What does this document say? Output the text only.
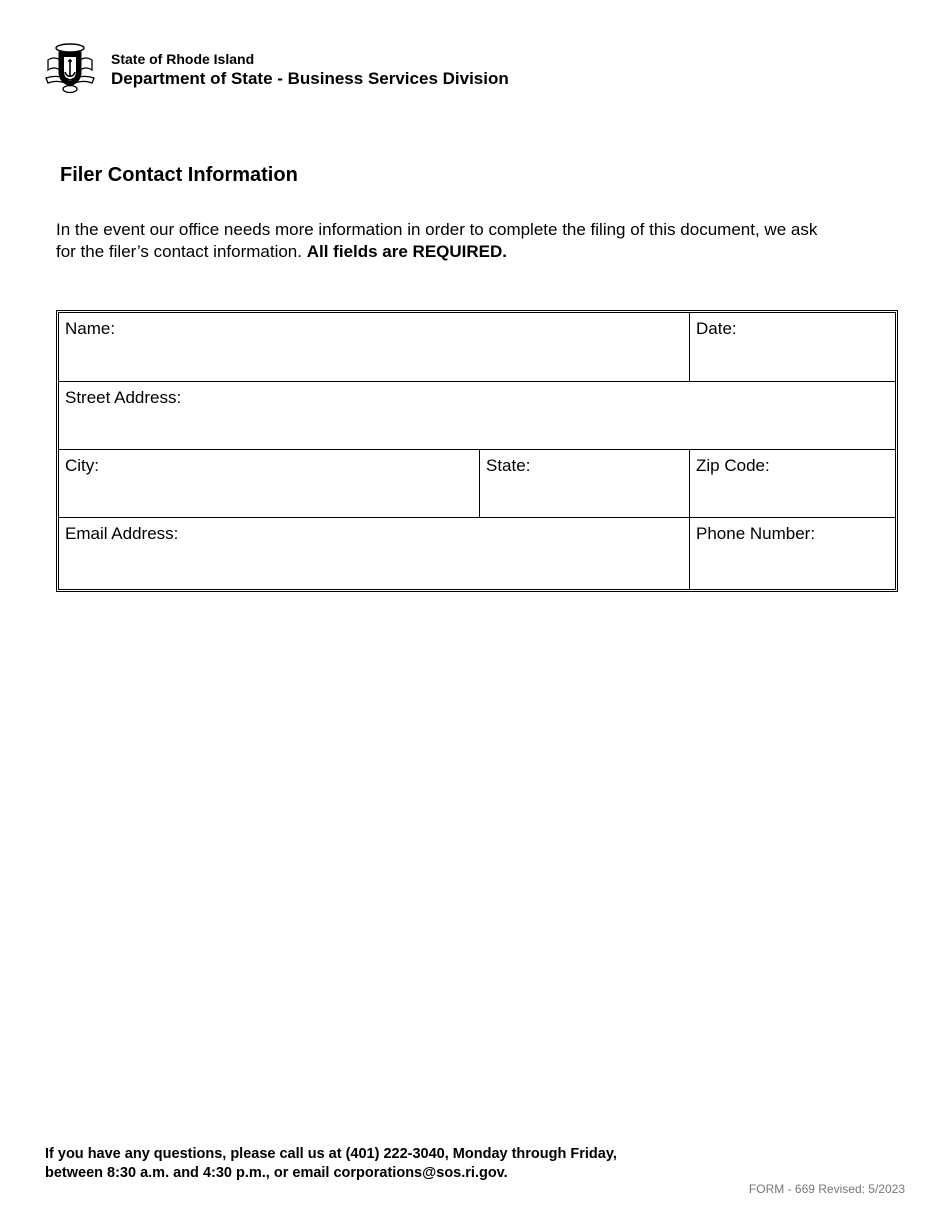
State of Rhode Island
Department of State - Business Services Division
Filer Contact Information
In the event our office needs more information in order to complete the filing of this document, we ask for the filer’s contact information. All fields are REQUIRED.
Name:	Date:
Street Address:
City:	State:	Zip Code:
Email Address:	Phone Number:
If you have any questions, please call us at (401) 222-3040, Monday through Friday,
between 8:30 a.m. and 4:30 p.m., or email corporations@sos.ri.gov.
FORM - 669 Revised: 5/2023
